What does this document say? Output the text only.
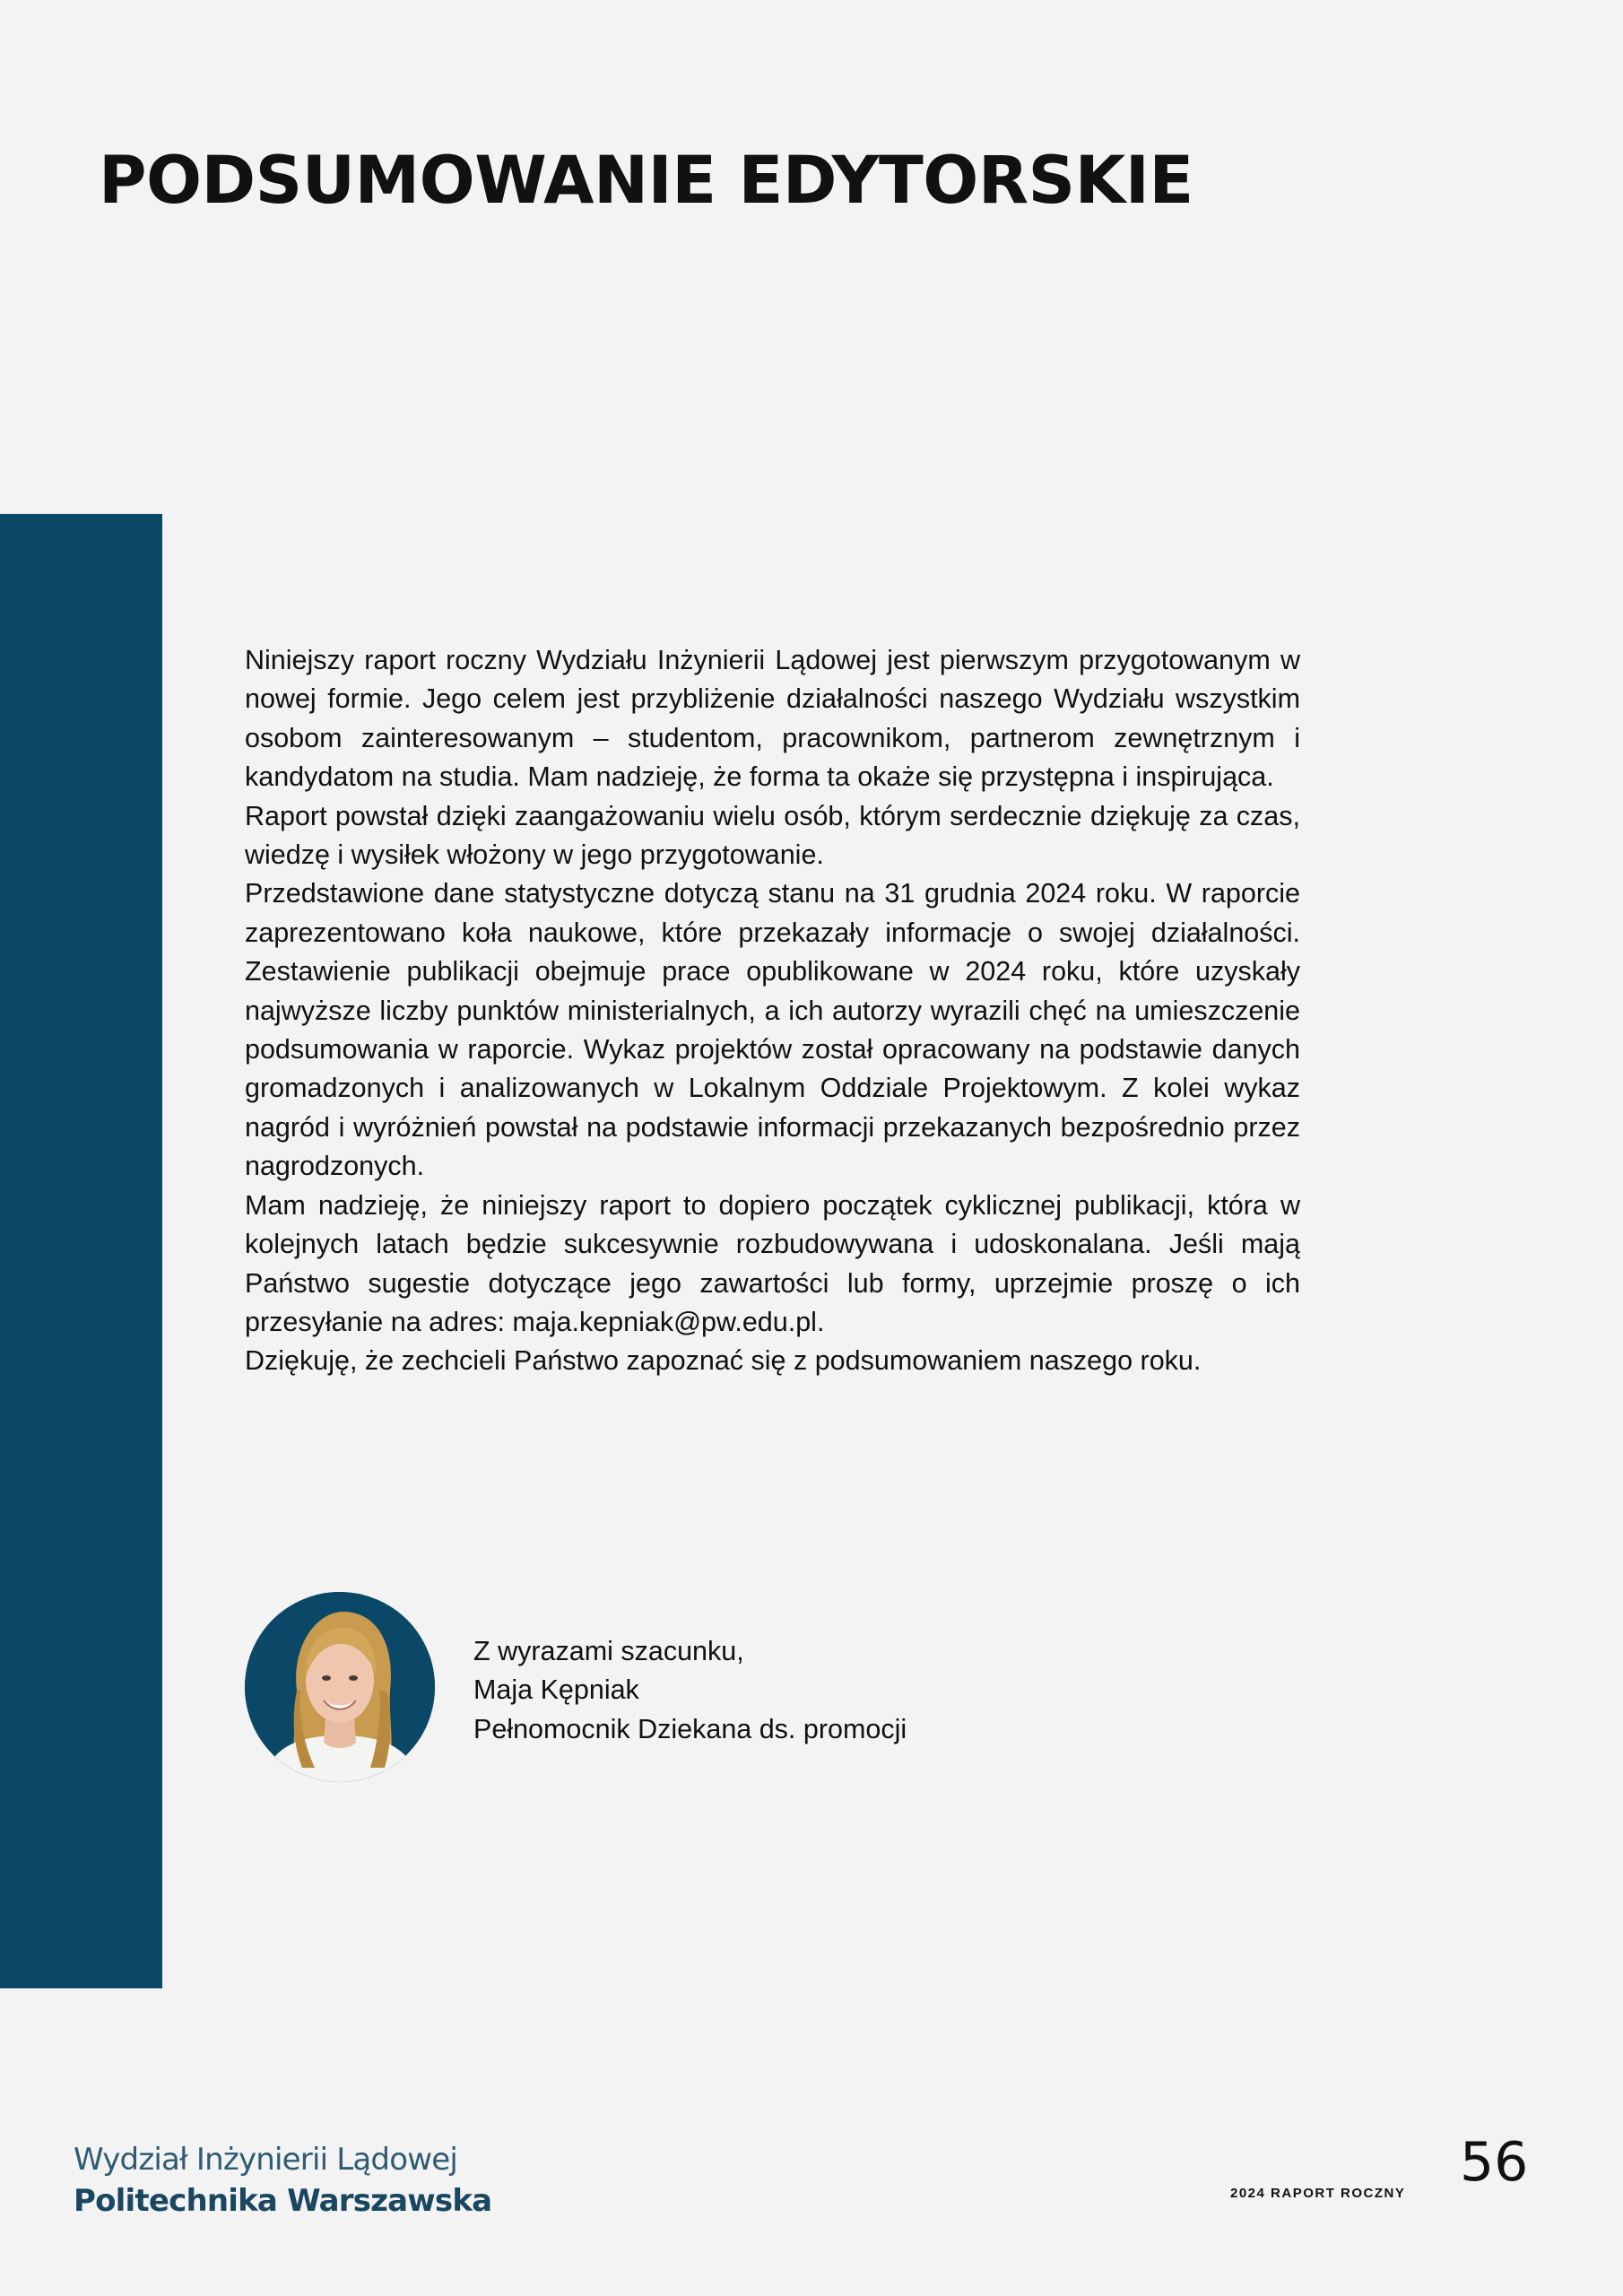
PODSUMOWANIE EDYTORSKIE

Niniejszy raport roczny Wydziału Inżynierii Lądowej jest pierwszym przygotowanym w nowej formie. Jego celem jest przybliżenie działalności naszego Wydziału wszystkim osobom zainteresowanym – studentom, pracownikom, partnerom zewnętrznym i kandydatom na studia. Mam nadzieję, że forma ta okaże się przystępna i inspirująca.

Raport powstał dzięki zaangażowaniu wielu osób, którym serdecznie dziękuję za czas, wiedzę i wysiłek włożony w jego przygotowanie.

Przedstawione dane statystyczne dotyczą stanu na 31 grudnia 2024 roku. W raporcie zaprezentowano koła naukowe, które przekazały informacje o swojej działalności. Zestawienie publikacji obejmuje prace opublikowane w 2024 roku, które uzyskały najwyższe liczby punktów ministerialnych, a ich autorzy wyrazili chęć na umieszczenie podsumowania w raporcie. Wykaz projektów został opracowany na podstawie danych gromadzonych i analizowanych w Lokalnym Oddziale Projektowym. Z kolei wykaz nagród i wyróżnień powstał na podstawie informacji przekazanych bezpośrednio przez nagrodzonych.

Mam nadzieję, że niniejszy raport to dopiero początek cyklicznej publikacji, która w kolejnych latach będzie sukcesywnie rozbudowywana i udoskonalana. Jeśli mają Państwo sugestie dotyczące jego zawartości lub formy, uprzejmie proszę o ich przesyłanie na adres: maja.kepniak@pw.edu.pl.

Dziękuję, że zechcieli Państwo zapoznać się z podsumowaniem naszego roku.

Z wyrazami szacunku,
Maja Kępniak
Pełnomocnik Dziekana ds. promocji
Wydział Inżynierii Lądowej
Politechnika Warszawska	2024 RAPORT ROCZNY 56
